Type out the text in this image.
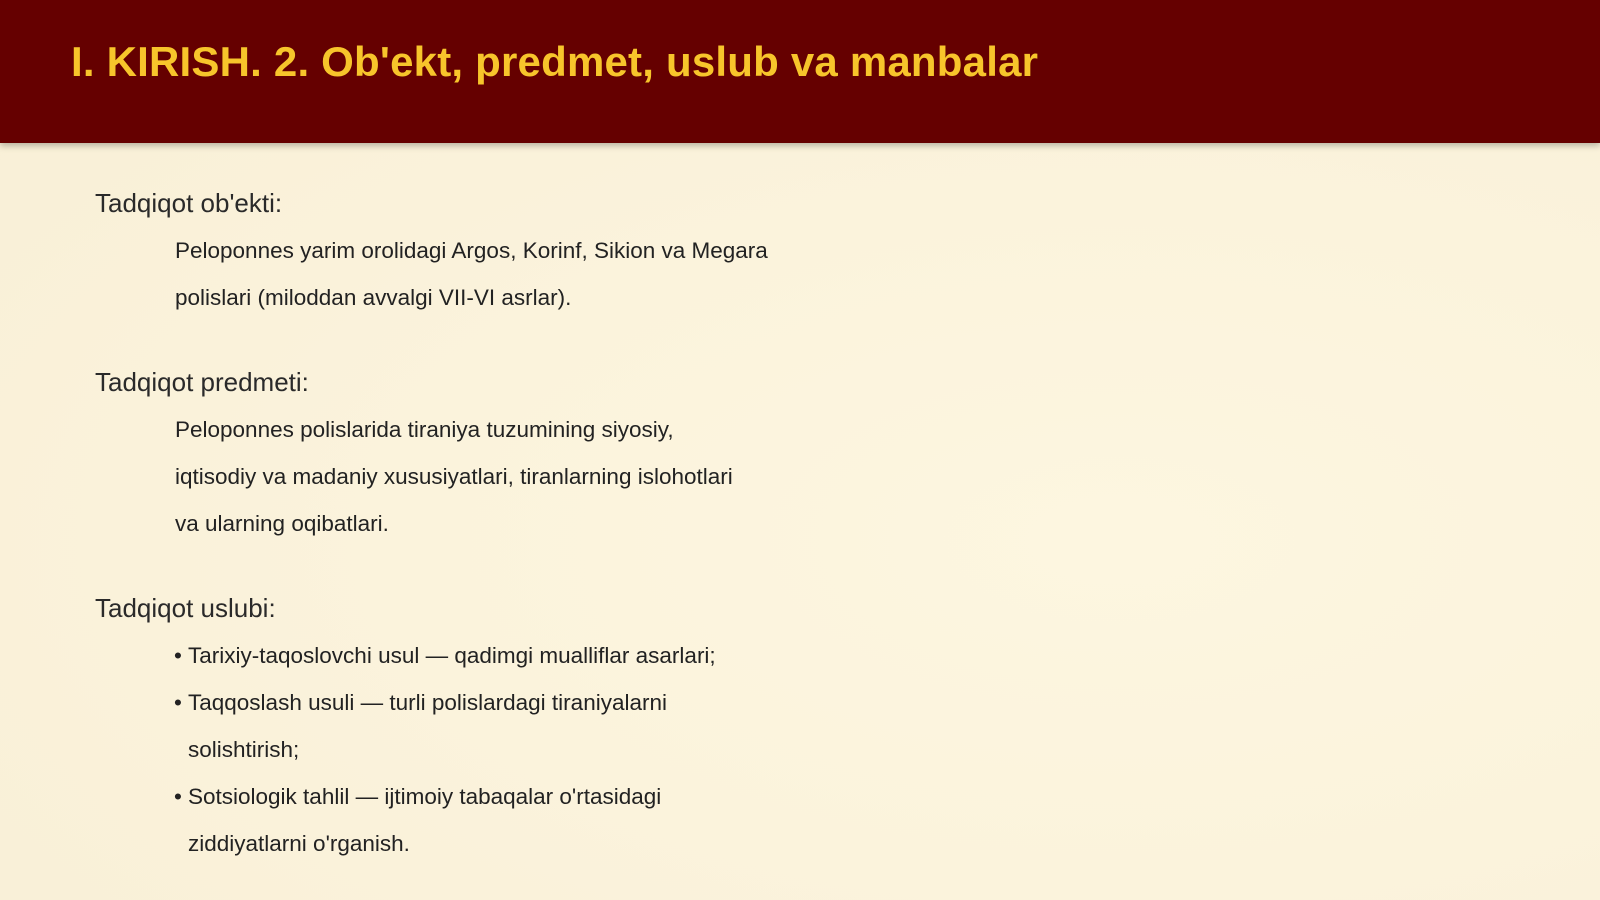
I. KIRISH. 2. Ob'ekt, predmet, uslub va manbalar
Tadqiqot ob'ekti:
Peloponnes yarim orolidagi Argos, Korinf, Sikion va Megara
polislari (miloddan avvalgi VII-VI asrlar).
Tadqiqot predmeti:
Peloponnes polislarida tiraniya tuzumining siyosiy,
iqtisodiy va madaniy xususiyatlari, tiranlarning islohotlari
va ularning oqibatlari.
Tadqiqot uslubi:
• Tarixiy-taqoslovchi usul — qadimgi mualliflar asarlari;
• Taqqoslash usuli — turli polislardagi tiraniyalarni
solishtirish;
• Sotsiologik tahlil — ijtimoiy tabaqalar o'rtasidagi
ziddiyatlarni o'rganish.
